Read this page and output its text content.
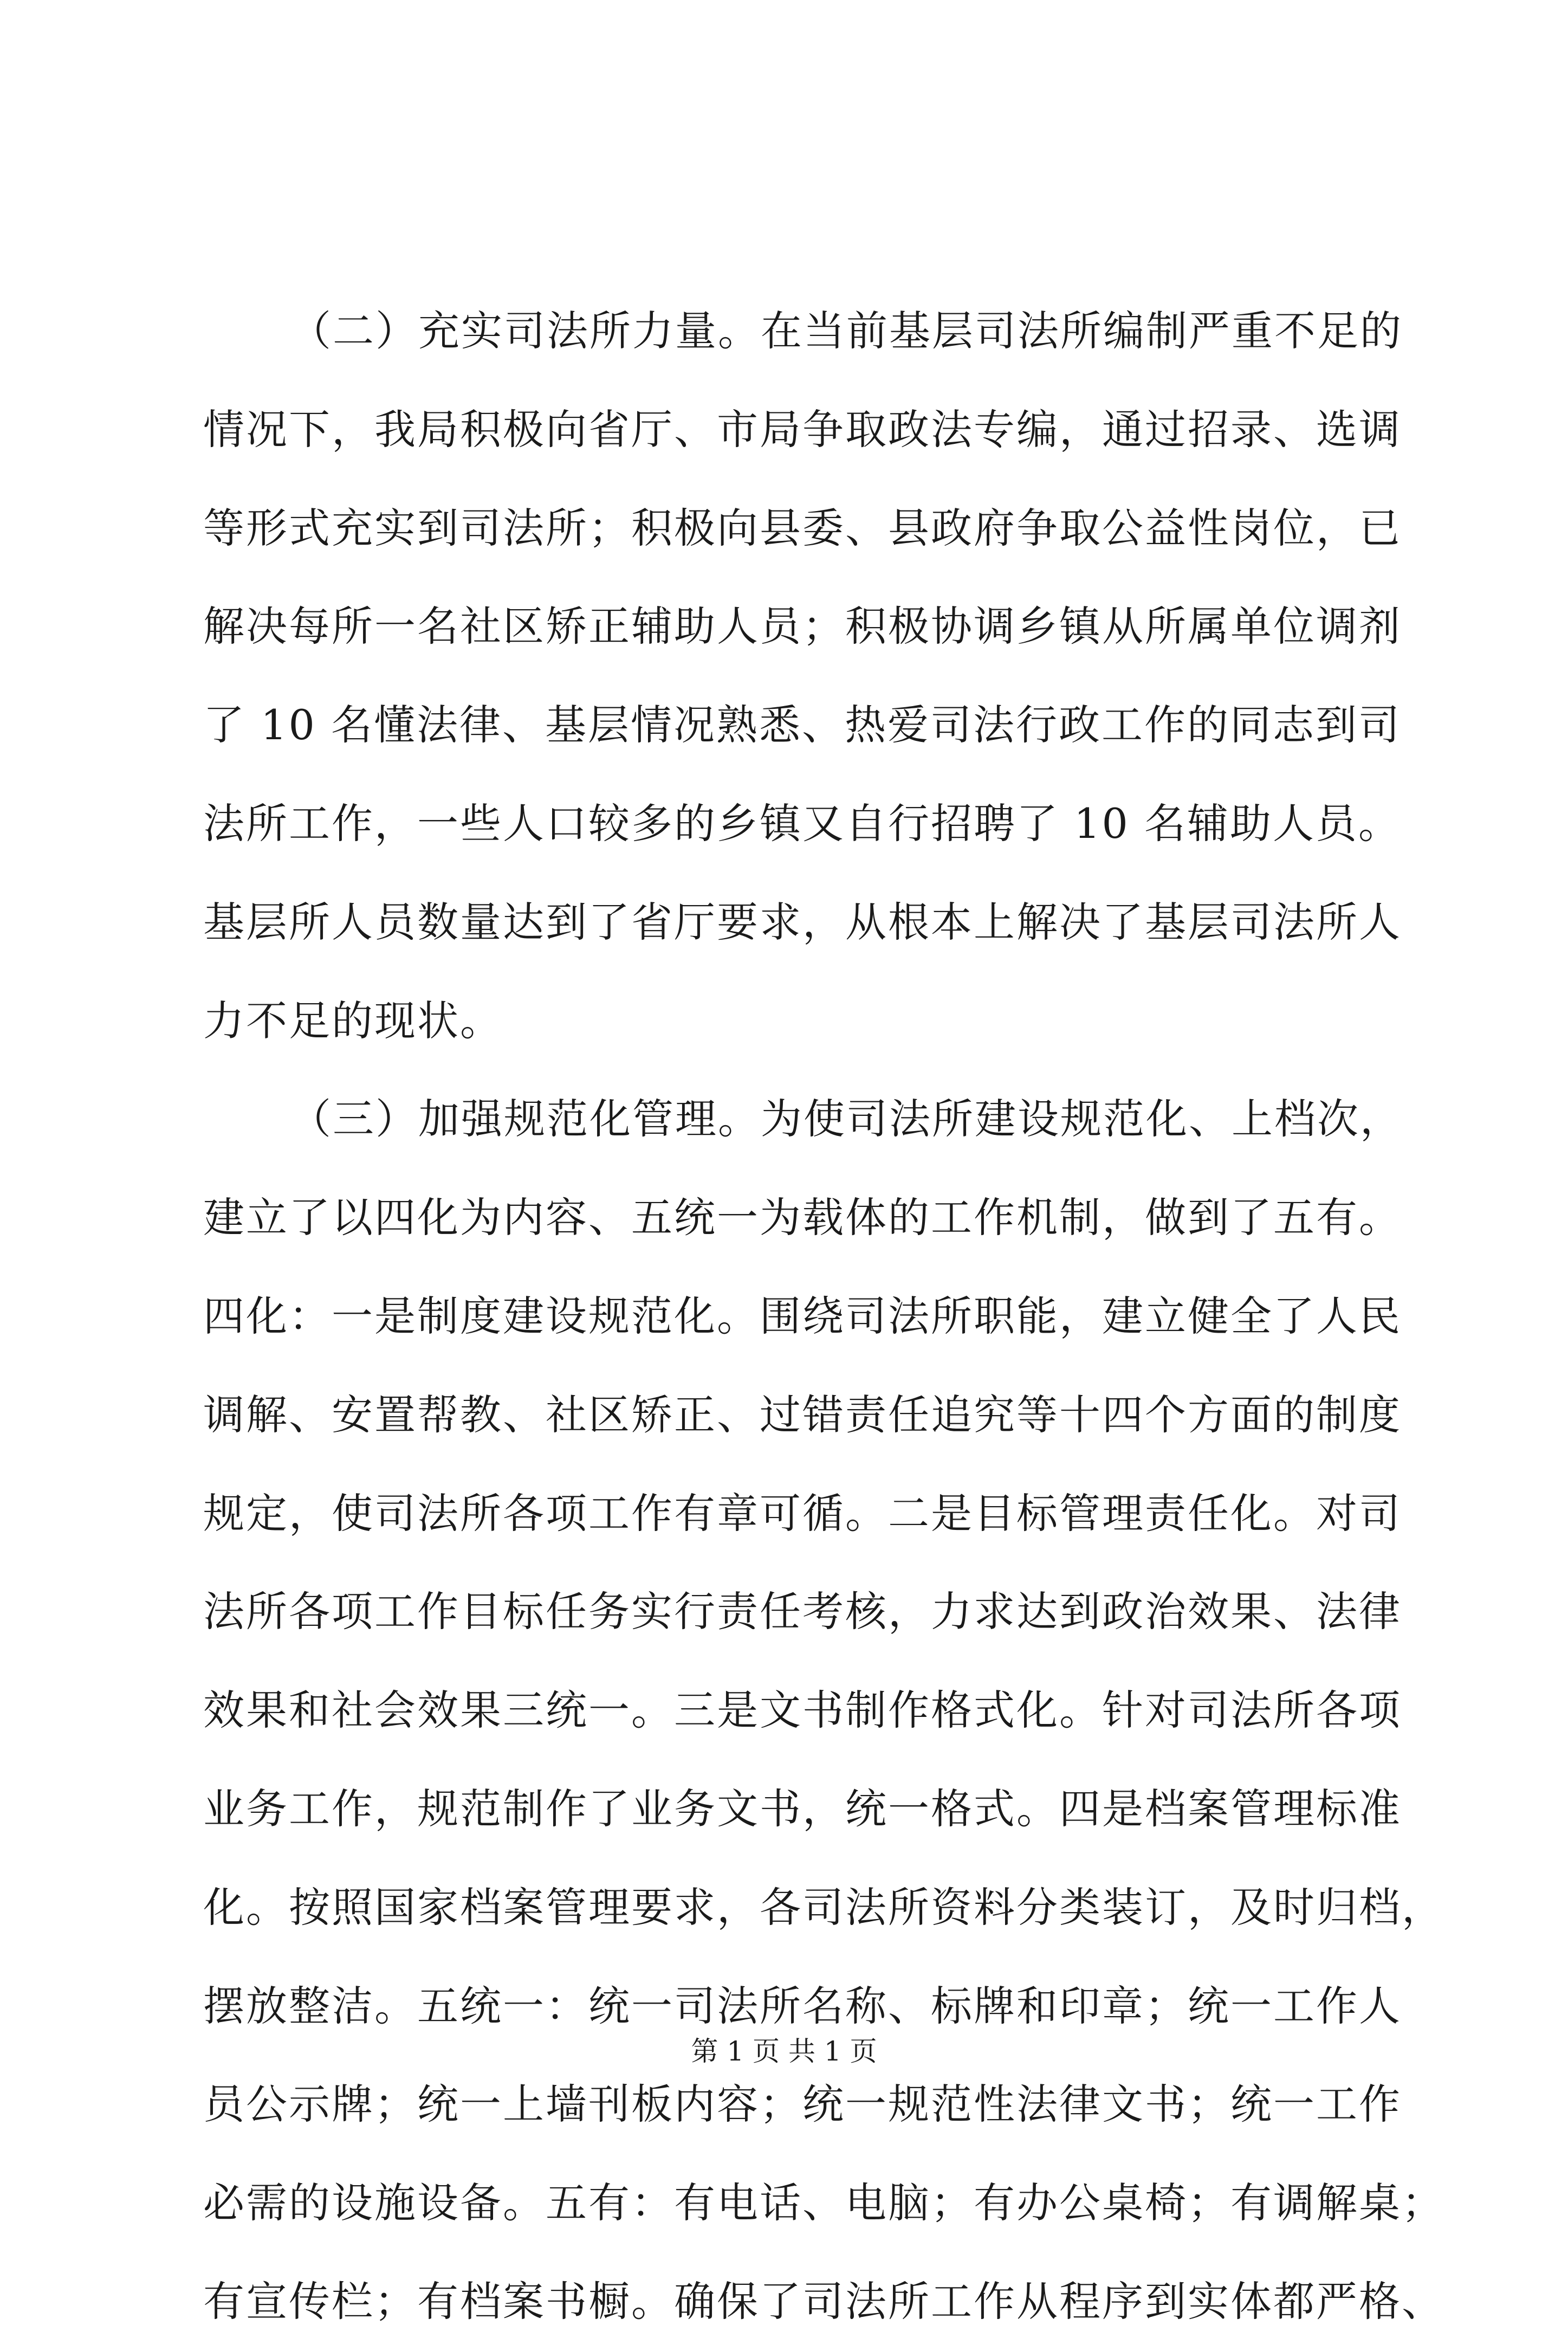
（二）充实司法所力量。在当前基层司法所编制严重不足的
情况下，我局积极向省厅、市局争取政法专编，通过招录、选调
等形式充实到司法所；积极向县委、县政府争取公益性岗位，已
解决每所一名社区矫正辅助人员；积极协调乡镇从所属单位调剂
了 10 名懂法律、基层情况熟悉、热爱司法行政工作的同志到司
法所工作，一些人口较多的乡镇又自行招聘了 10 名辅助人员。
基层所人员数量达到了省厅要求，从根本上解决了基层司法所人
力不足的现状。
（三）加强规范化管理。为使司法所建设规范化、上档次，
建立了以四化为内容、五统一为载体的工作机制，做到了五有。
四化：一是制度建设规范化。围绕司法所职能，建立健全了人民
调解、安置帮教、社区矫正、过错责任追究等十四个方面的制度
规定，使司法所各项工作有章可循。二是目标管理责任化。对司
法所各项工作目标任务实行责任考核，力求达到政治效果、法律
效果和社会效果三统一。三是文书制作格式化。针对司法所各项
业务工作，规范制作了业务文书，统一格式。四是档案管理标准
化。按照国家档案管理要求，各司法所资料分类装订，及时归档，
摆放整洁。五统一：统一司法所名称、标牌和印章；统一工作人
员公示牌；统一上墙刊板内容；统一规范性法律文书；统一工作
必需的设施设备。五有：有电话、电脑；有办公桌椅；有调解桌；
有宣传栏；有档案书橱。确保了司法所工作从程序到实体都严格、
第 1 页 共 1 页
